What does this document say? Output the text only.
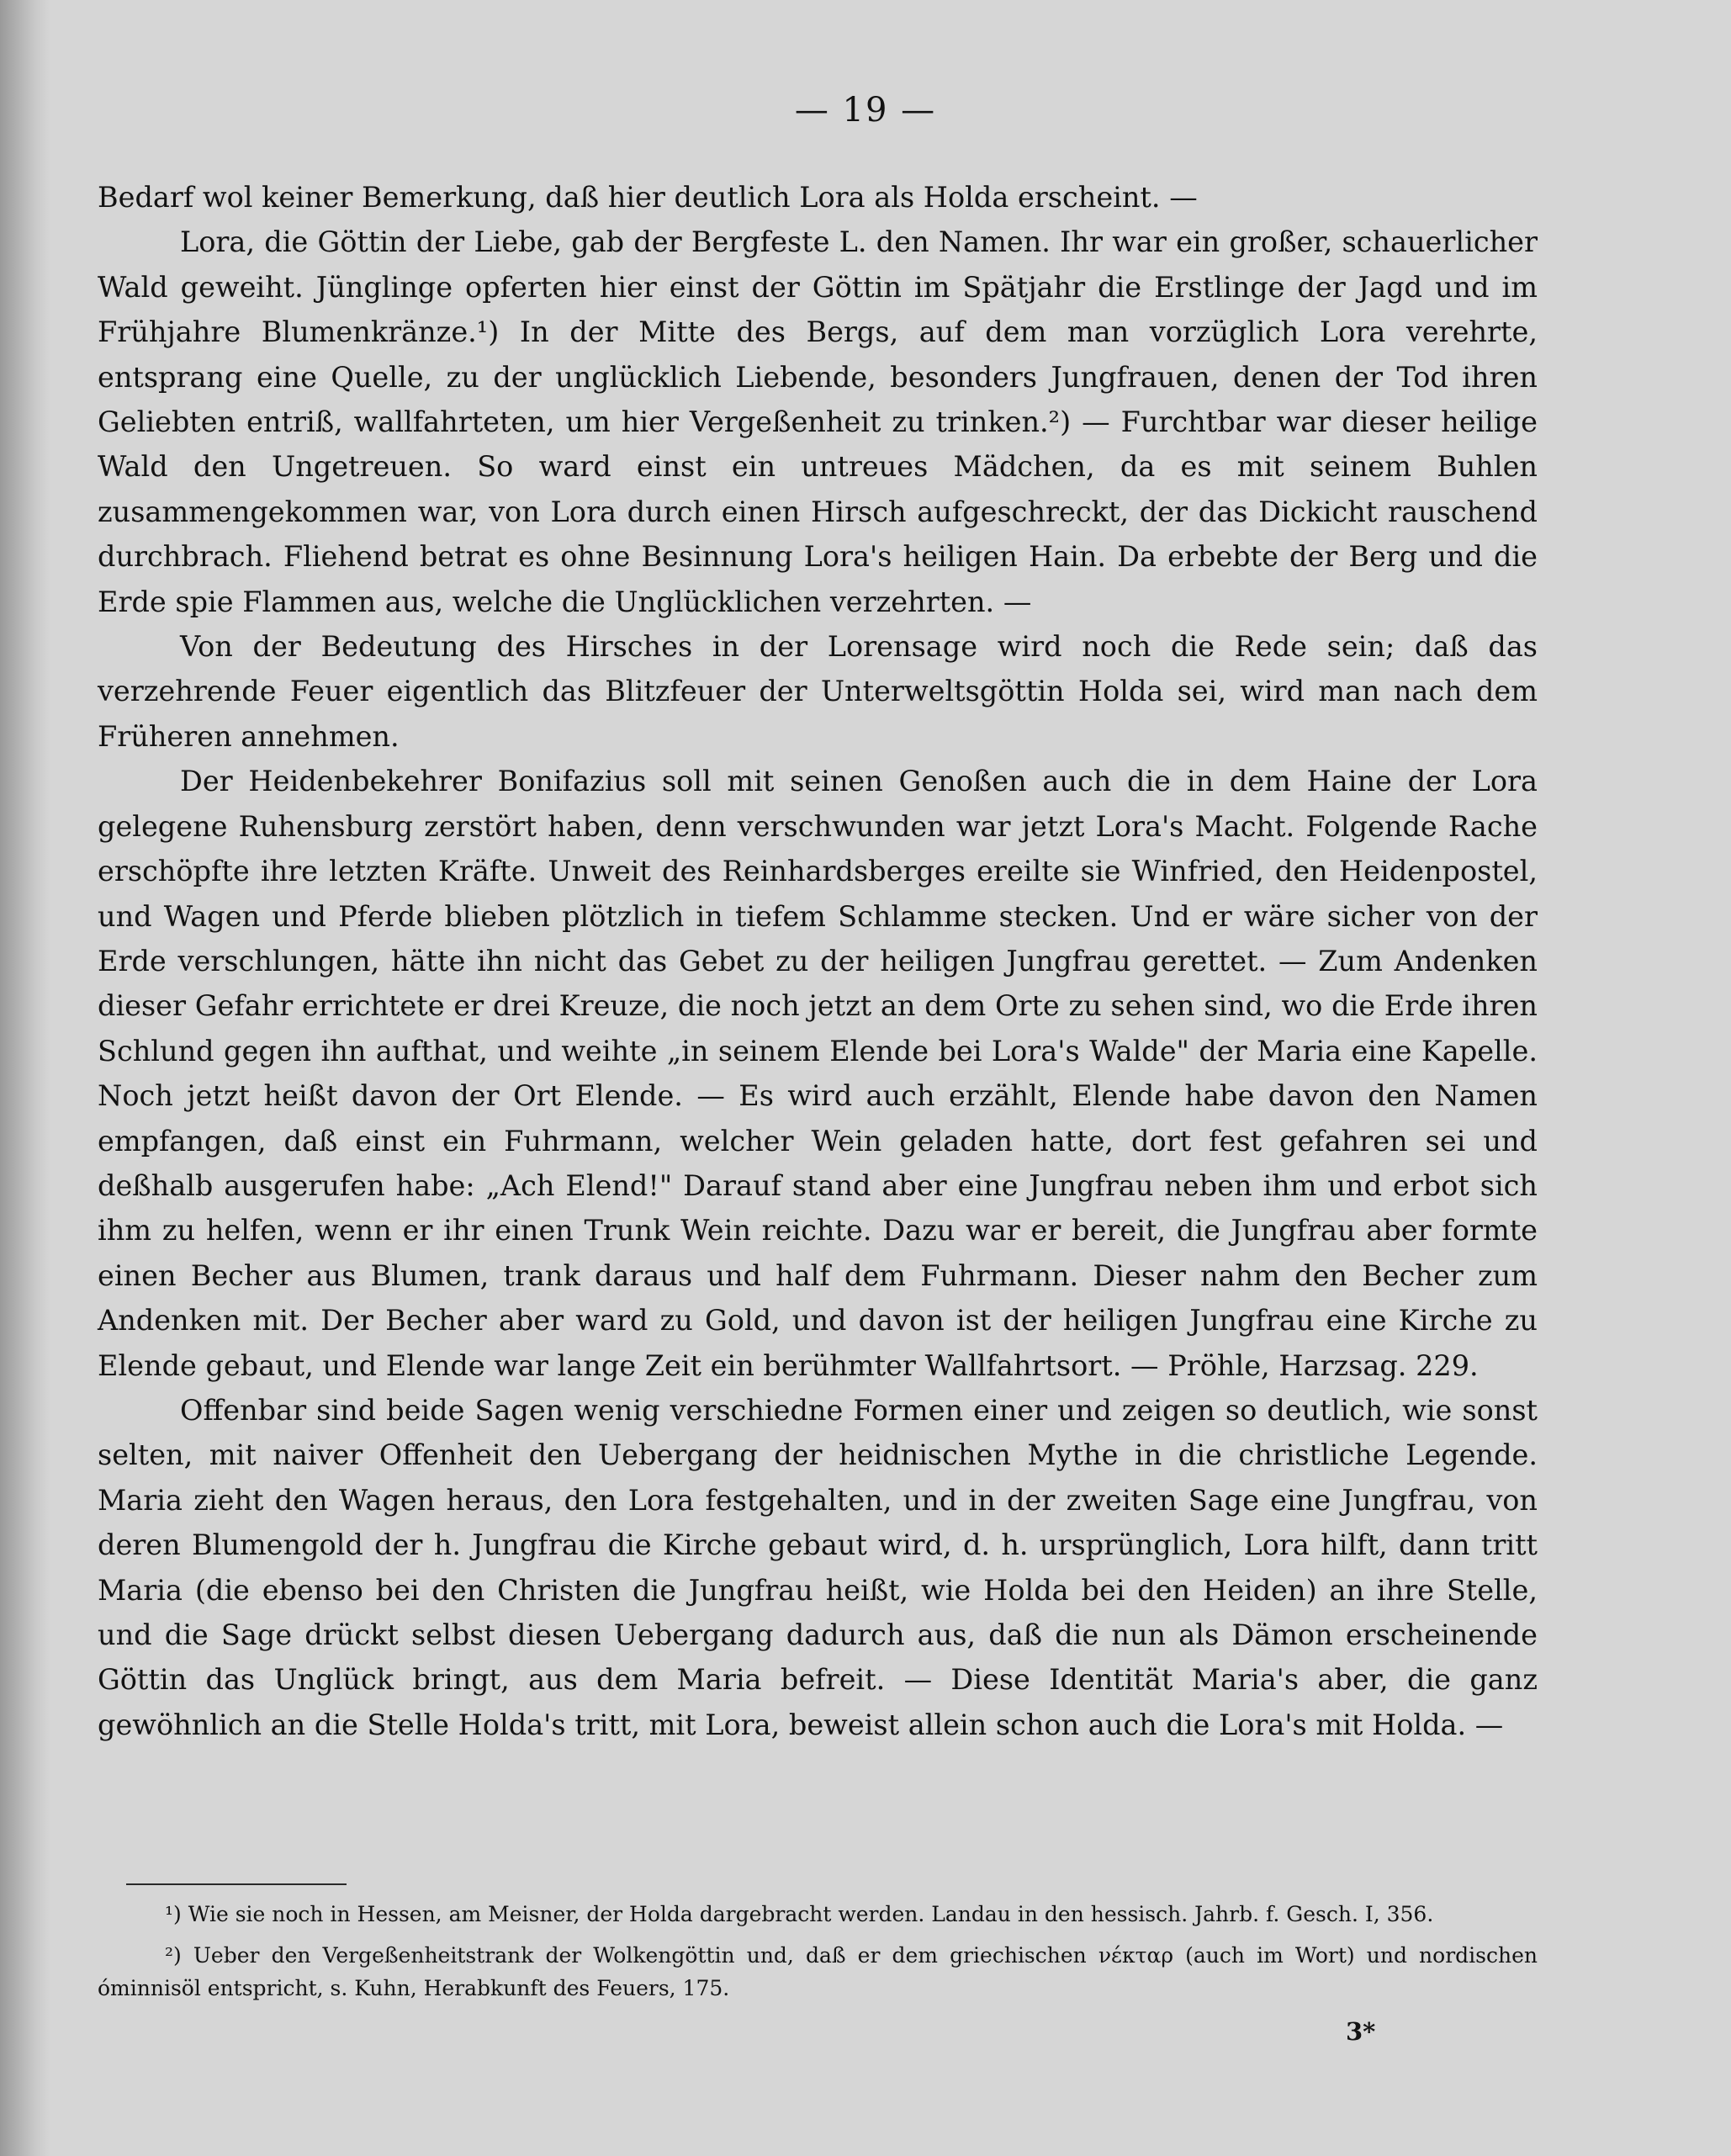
— 19 —

Bedarf wol keiner Bemerkung, daß hier deutlich Lora als Holda erscheint. —

Lora, die Göttin der Liebe, gab der Bergfeste L. den Namen. Ihr war ein großer, schauerlicher Wald geweiht. Jünglinge opferten hier einst der Göttin im Spätjahr die Erstlinge der Jagd und im Frühjahre Blumenkränze.¹) In der Mitte des Bergs, auf dem man vorzüglich Lora verehrte, entsprang eine Quelle, zu der unglücklich Liebende, besonders Jungfrauen, denen der Tod ihren Geliebten entriß, wallfahrteten, um hier Vergeßenheit zu trinken.²) — Furchtbar war dieser heilige Wald den Ungetreuen. So ward einst ein untreues Mädchen, da es mit seinem Buhlen zusammengekommen war, von Lora durch einen Hirsch aufgeschreckt, der das Dickicht rauschend durchbrach. Fliehend betrat es ohne Besinnung Lora's heiligen Hain. Da erbebte der Berg und die Erde spie Flammen aus, welche die Unglücklichen verzehrten. —

Von der Bedeutung des Hirsches in der Lorensage wird noch die Rede sein; daß das verzehrende Feuer eigentlich das Blitzfeuer der Unterweltsgöttin Holda sei, wird man nach dem Früheren annehmen.

Der Heidenbekehrer Bonifazius soll mit seinen Genoßen auch die in dem Haine der Lora gelegene Ruhensburg zerstört haben, denn verschwunden war jetzt Lora's Macht. Folgende Rache erschöpfte ihre letzten Kräfte. Unweit des Reinhardsberges ereilte sie Winfried, den Heidenpostel, und Wagen und Pferde blieben plötzlich in tiefem Schlamme stecken. Und er wäre sicher von der Erde verschlungen, hätte ihn nicht das Gebet zu der heiligen Jungfrau gerettet. — Zum Andenken dieser Gefahr errichtete er drei Kreuze, die noch jetzt an dem Orte zu sehen sind, wo die Erde ihren Schlund gegen ihn aufthat, und weihte „in seinem Elende bei Lora's Walde" der Maria eine Kapelle. Noch jetzt heißt davon der Ort Elende. — Es wird auch erzählt, Elende habe davon den Namen empfangen, daß einst ein Fuhrmann, welcher Wein geladen hatte, dort fest gefahren sei und deßhalb ausgerufen habe: „Ach Elend!" Darauf stand aber eine Jungfrau neben ihm und erbot sich ihm zu helfen, wenn er ihr einen Trunk Wein reichte. Dazu war er bereit, die Jungfrau aber formte einen Becher aus Blumen, trank daraus und half dem Fuhrmann. Dieser nahm den Becher zum Andenken mit. Der Becher aber ward zu Gold, und davon ist der heiligen Jungfrau eine Kirche zu Elende gebaut, und Elende war lange Zeit ein berühmter Wallfahrtsort. — Pröhle, Harzsag. 229.

Offenbar sind beide Sagen wenig verschiedne Formen einer und zeigen so deutlich, wie sonst selten, mit naiver Offenheit den Uebergang der heidnischen Mythe in die christliche Legende. Maria zieht den Wagen heraus, den Lora festgehalten, und in der zweiten Sage eine Jungfrau, von deren Blumengold der h. Jungfrau die Kirche gebaut wird, d. h. ursprünglich, Lora hilft, dann tritt Maria (die ebenso bei den Christen die Jungfrau heißt, wie Holda bei den Heiden) an ihre Stelle, und die Sage drückt selbst diesen Uebergang dadurch aus, daß die nun als Dämon erscheinende Göttin das Unglück bringt, aus dem Maria befreit. — Diese Identität Maria's aber, die ganz gewöhnlich an die Stelle Holda's tritt, mit Lora, beweist allein schon auch die Lora's mit Holda. —

¹) Wie sie noch in Hessen, am Meisner, der Holda dargebracht werden. Landau in den hessisch. Jahrb. f. Gesch. I, 356.

²) Ueber den Vergeßenheitstrank der Wolkengöttin und, daß er dem griechischen νέκταρ (auch im Wort) und nordischen óminnisöl entspricht, s. Kuhn, Herabkunft des Feuers, 175.

3*
